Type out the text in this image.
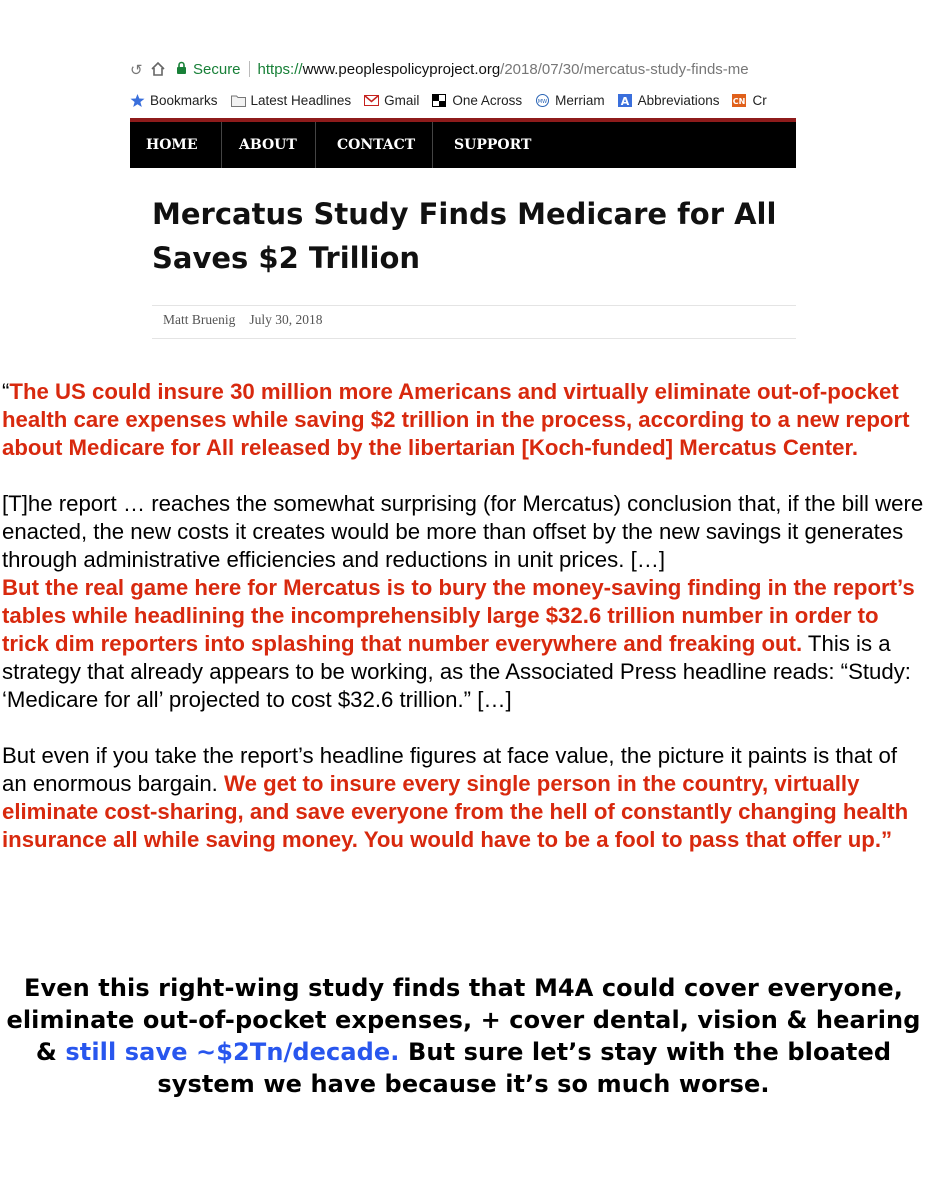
↺	Secure https://www.peoplespolicyproject.org/2018/07/30/mercatus-study-finds-me
Bookmarks Latest Headlines Gmail One Across	MW Merriam A Abbreviations CN Cr
HOME	ABOUT	CONTACT	SUPPORT
Mercatus Study Finds Medicare for All Saves $2 Trillion
Matt Bruenig July 30, 2018

“The US could insure 30 million more Americans and virtually eliminate out-of-pocket health care expenses while saving $2 trillion in the process, according to a new report about Medicare for All released by the libertarian [Koch-funded] Mercatus Center.

[T]he report … reaches the somewhat surprising (for Mercatus) conclusion that, if the bill were enacted, the new costs it creates would be more than offset by the new savings it generates through administrative efficiencies and reductions in unit prices. […]

But the real game here for Mercatus is to bury the money-saving finding in the report’s tables while headlining the incomprehensibly large $32.6 trillion number in order to trick dim reporters into splashing that number everywhere and freaking out. This is a strategy that already appears to be working, as the Associated Press headline reads: “Study: ‘Medicare for all’ projected to cost $32.6 trillion.” […]

But even if you take the report’s headline figures at face value, the picture it paints is that of an enormous bargain. We get to insure every single person in the country, virtually eliminate cost-sharing, and save everyone from the hell of constantly changing health insurance all while saving money. You would have to be a fool to pass that offer up.”

Even this right-wing study finds that M4A could cover everyone, eliminate out-of-pocket expenses, + cover dental, vision & hearing & still save ~$2Tn/decade. But sure let’s stay with the bloated system we have because it’s so much worse.
